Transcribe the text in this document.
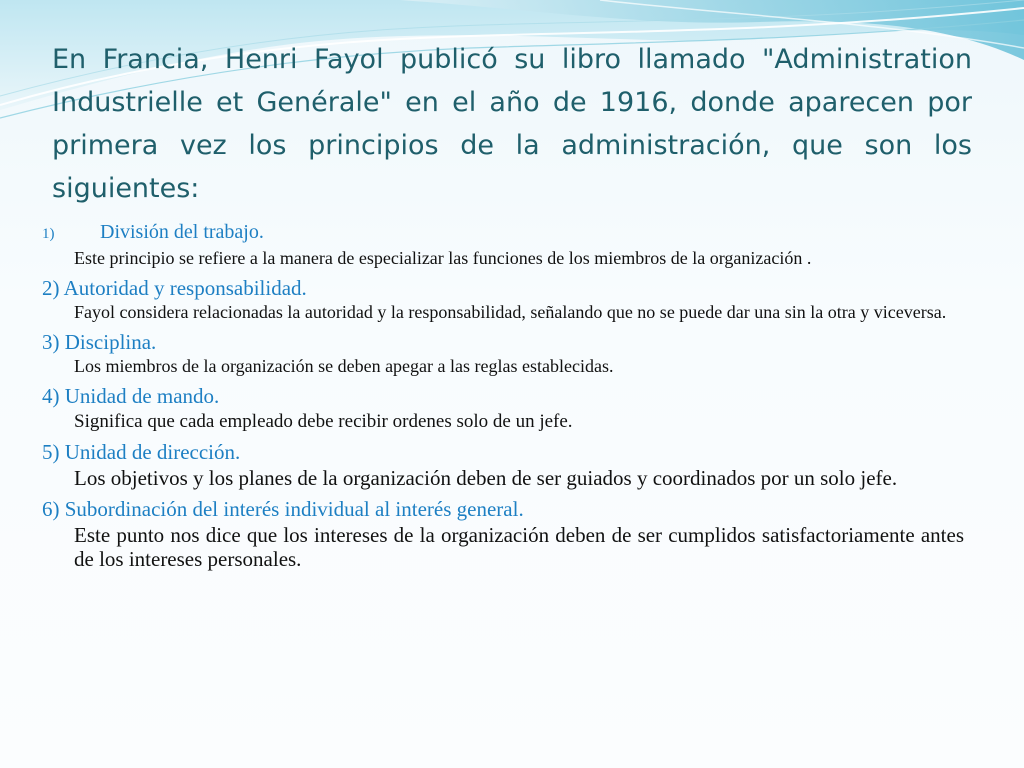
En Francia, Henri Fayol publicó su libro llamado "Administration Industrielle et Genérale" en el año de 1916, donde aparecen por primera vez los principios de la administración, que son los siguientes:

1) División del trabajo.

Este principio se refiere a la manera de especializar las funciones de los miembros de la organización .

2) Autoridad y responsabilidad.

Fayol considera relacionadas la autoridad y la responsabilidad, señalando que no se puede dar una sin la otra y viceversa.

3) Disciplina.

Los miembros de la organización se deben apegar a las reglas establecidas.

4) Unidad de mando.

Significa que cada empleado debe recibir ordenes solo de un jefe.

5) Unidad de dirección.

Los objetivos y los planes de la organización deben de ser guiados y coordinados por un solo jefe.

6) Subordinación del interés individual al interés general.

Este punto nos dice que los intereses de la organización deben de ser cumplidos satisfactoriamente antes de los intereses personales.
